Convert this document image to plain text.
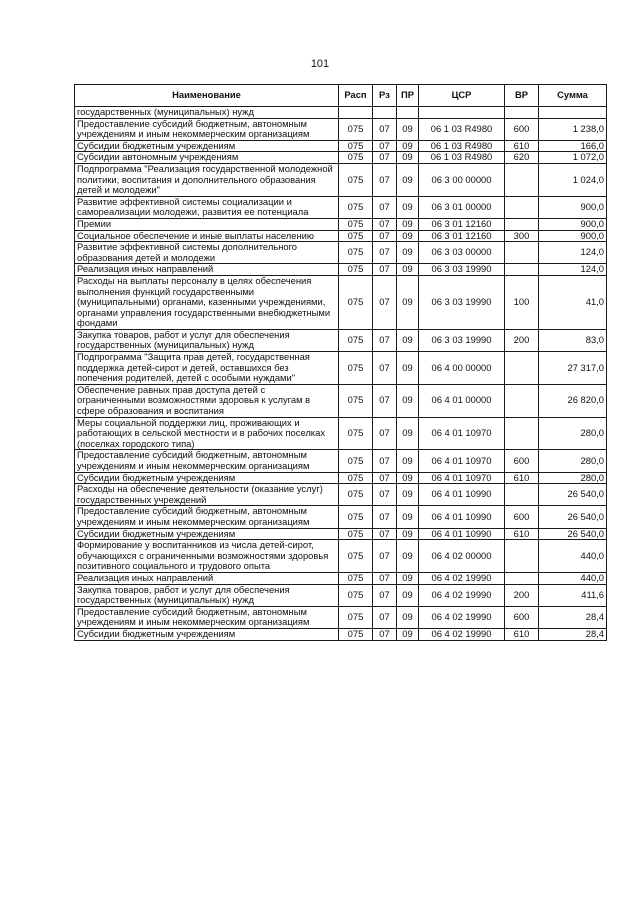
101
Наименование	Расп	Рз	ПР	ЦСР	ВР	Сумма
государственных (муниципальных) нужд						
Предоставление субсидий бюджетным, автономным учреждениям и иным некоммерческим организациям	075	07	09	06 1 03 R4980	600	1 238,0
Субсидии бюджетным учреждениям	075	07	09	06 1 03 R4980	610	166,0
Субсидии автономным учреждениям	075	07	09	06 1 03 R4980	620	1 072,0
Подпрограмма "Реализация государственной молодежной политики, воспитания и дополнительного образования детей и молодежи"	075	07	09	06 3 00 00000		1 024,0
Развитие эффективной системы социализации и самореализации молодежи, развития ее потенциала	075	07	09	06 3 01 00000		900,0
Премии	075	07	09	06 3 01 12160		900,0
Социальное обеспечение и иные выплаты населению	075	07	09	06 3 01 12160	300	900,0
Развитие эффективной системы дополнительного образования детей и молодежи	075	07	09	06 3 03 00000		124,0
Реализация иных направлений	075	07	09	06 3 03 19990		124,0
Расходы на выплаты персоналу в целях обеспечения выполнения функций государственными (муниципальными) органами, казенными учреждениями, органами управления государственными внебюджетными фондами	075	07	09	06 3 03 19990	100	41,0
Закупка товаров, работ и услуг для обеспечения государственных (муниципальных) нужд	075	07	09	06 3 03 19990	200	83,0
Подпрограмма "Защита прав детей, государственная поддержка детей-сирот и детей, оставшихся без попечения родителей, детей с особыми нуждами"	075	07	09	06 4 00 00000		27 317,0
Обеспечение равных прав доступа детей с ограниченными возможностями здоровья к услугам в сфере образования и воспитания	075	07	09	06 4 01 00000		26 820,0
Меры социальной поддержки лиц, проживающих и работающих в сельской местности и в рабочих поселках (поселках городского типа)	075	07	09	06 4 01 10970		280,0
Предоставление субсидий бюджетным, автономным учреждениям и иным некоммерческим организациям	075	07	09	06 4 01 10970	600	280,0
Субсидии бюджетным учреждениям	075	07	09	06 4 01 10970	610	280,0
Расходы на обеспечение деятельности (оказание услуг) государственных учреждений	075	07	09	06 4 01 10990		26 540,0
Предоставление субсидий бюджетным, автономным учреждениям и иным некоммерческим организациям	075	07	09	06 4 01 10990	600	26 540,0
Субсидии бюджетным учреждениям	075	07	09	06 4 01 10990	610	26 540,0
Формирование у воспитанников из числа детей-сирот, обучающихся с ограниченными возможностями здоровья позитивного социального и трудового опыта	075	07	09	06 4 02 00000		440,0
Реализация иных направлений	075	07	09	06 4 02 19990		440,0
Закупка товаров, работ и услуг для обеспечения государственных (муниципальных) нужд	075	07	09	06 4 02 19990	200	411,6
Предоставление субсидий бюджетным, автономным учреждениям и иным некоммерческим организациям	075	07	09	06 4 02 19990	600	28,4
Субсидии бюджетным учреждениям	075	07	09	06 4 02 19990	610	28,4
